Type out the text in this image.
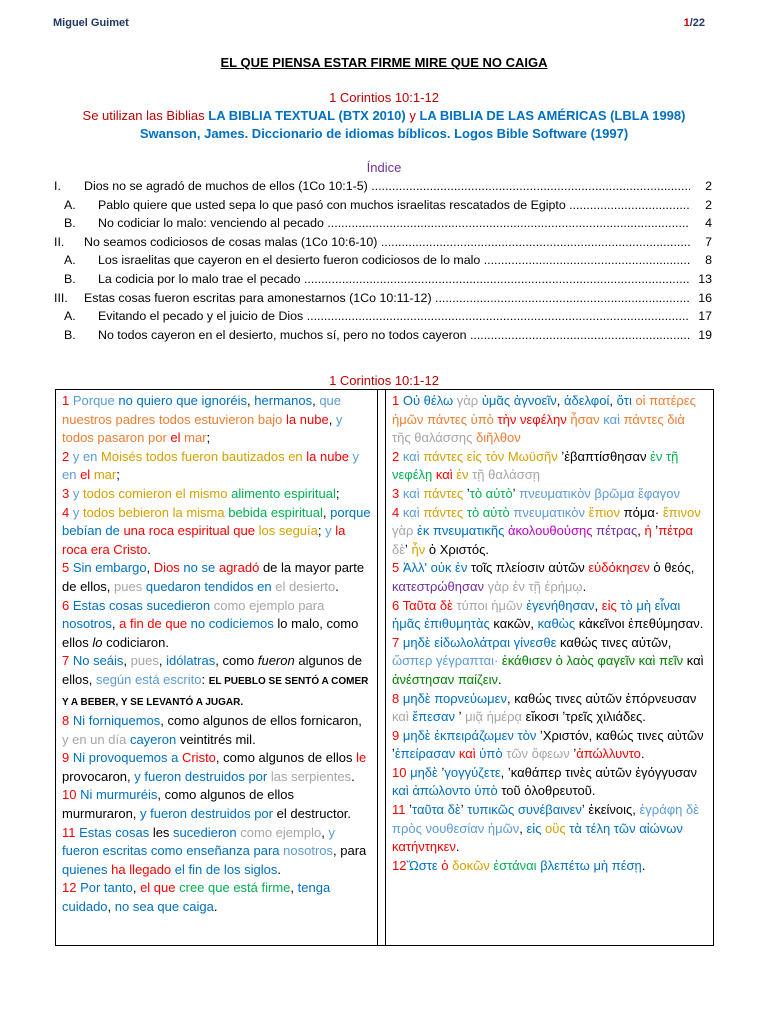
Miguel Guimet	1/22
EL QUE PIENSA ESTAR FIRME MIRE QUE NO CAIGA
1 Corintios 10:1-12
Se utilizan las Biblias LA BIBLIA TEXTUAL (BTX 2010) y LA BIBLIA DE LAS AMÉRICAS (LBLA 1998)
Swanson, James. Diccionario de idiomas bíblicos. Logos Bible Software (1997)
Índice
I. Dios no se agradó de muchos de ellos (1Co 10:1-5) .....	2
A. Pablo quiere que usted sepa lo que pasó con muchos israelitas rescatados de Egipto .....	2
B. No codiciar lo malo: venciendo al pecado .....	4
II. No seamos codiciosos de cosas malas (1Co 10:6-10) .....	7
A. Los israelitas que cayeron en el desierto fueron codiciosos de lo malo .....	8
B. La codicia por lo malo trae el pecado .....	13
III. Estas cosas fueron escritas para amonestarnos (1Co 10:11-12) .....	16
A. Evitando el pecado y el juicio de Dios .....	17
B. No todos cayeron en el desierto, muchos sí, pero no todos cayeron .....	19
1 Corintios 10:1-12
1 Porque no quiero que ignoréis, hermanos, que nuestros padres todos estuvieron bajo la nube, y todos pasaron por el mar;
2 y en Moisés todos fueron bautizados en la nube y en el mar;
3 y todos comieron el mismo alimento espiritual;
4 y todos bebieron la misma bebida espiritual, porque bebían de una roca espiritual que los seguía; y la roca era Cristo.
5 Sin embargo, Dios no se agradó de la mayor parte de ellos, pues quedaron tendidos en el desierto.
6 Estas cosas sucedieron como ejemplo para nosotros, a fin de que no codiciemos lo malo, como ellos lo codiciaron.
7 No seáis, pues, idólatras, como fueron algunos de ellos, según está escrito: EL PUEBLO SE SENTÓ A COMER Y A BEBER, Y SE LEVANTÓ A JUGAR.
8 Ni forniquemos, como algunos de ellos fornicaron, y en un día cayeron veintitrés mil.
9 Ni provoquemos a Cristo, como algunos de ellos le provocaron, y fueron destruidos por las serpientes.
10 Ni murmuréis, como algunos de ellos murmuraron, y fueron destruidos por el destructor.
11 Estas cosas les sucedieron como ejemplo, y fueron escritas como enseñanza para nosotros, para quienes ha llegado el fin de los siglos.
12 Por tanto, el que cree que está firme, tenga cuidado, no sea que caiga.
1 Οὐ θέλω γὰρ ὑμᾶς ἀγνοεῖν, ἀδελφοί, ὅτι οἱ πατέρες ἡμῶν πάντες ὑπὸ τὴν νεφέλην ἦσαν καὶ πάντες διὰ τῆς θαλάσσης διῆλθον
2 καὶ πάντες εἰς τὸν Μωϋσῆν ʼἐβαπτίσθησαν ἐν τῇ νεφέλῃ καὶ ἐν τῇ θαλάσσῃ
3 καὶ πάντες ʼτὸ αὐτὸʼ πνευματικὸν βρῶμα ἔφαγον
4 καὶ πάντες τὸ αὐτὸ πνευματικὸν ἔπιον πόμα· ἔπινον γὰρ ἐκ πνευματικῆς ἀκολουθούσης πέτρας, ἡ ʼπέτρα δὲʼ ἦν ὁ Χριστός.
5 Ἀλλ' οὐκ ἐν τοῖς πλείοσιν αὐτῶν εὐδόκησεν ὁ θεός, κατεστρώθησαν γὰρ ἐν τῇ ἐρήμῳ.
6 Ταῦτα δὲ τύποι ἡμῶν ἐγενήθησαν, εἰς τὸ μὴ εἶναι ἡμᾶς ἐπιθυμητὰς κακῶν, καθὼς κἀκεῖνοι ἐπεθύμησαν.
7 μηδὲ εἰδωλολάτραι γίνεσθε καθώς τινες αὐτῶν, ὥσπερ γέγραπται· ἐκάθισεν ὁ λαὸς φαγεῖν καὶ πεῖν καὶ ἀνέστησαν παίζειν.
8 μηδὲ πορνεύωμεν, καθώς τινες αὐτῶν ἐπόρνευσαν καὶ ἔπεσαν ʼ μιᾷ ἡμέρᾳ εἴκοσι ʼτρεῖς χιλιάδες.
9 μηδὲ ἐκπειράζωμεν τὸν ʼΧριστόν, καθώς τινες αὐτῶν ʼἐπείρασαν καὶ ὑπὸ τῶν ὄφεων ʼἀπώλλυντο.
10 μηδὲ ʼγογγύζετε, ʼκαθάπερ τινὲς αὐτῶν ἐγόγγυσαν καὶ ἀπώλοντο ὑπὸ τοῦ ὀλοθρευτοῦ.
11 ʼταῦτα δὲʼ τυπικῶς συνέβαινενʼ ἐκείνοις, ἐγράφη δὲ πρὸς νουθεσίαν ἡμῶν, εἰς οὓς τὰ τέλη τῶν αἰώνων κατήντηκεν.
12Ὥστε ὁ δοκῶν ἑστάναι βλεπέτω μὴ πέσῃ.
